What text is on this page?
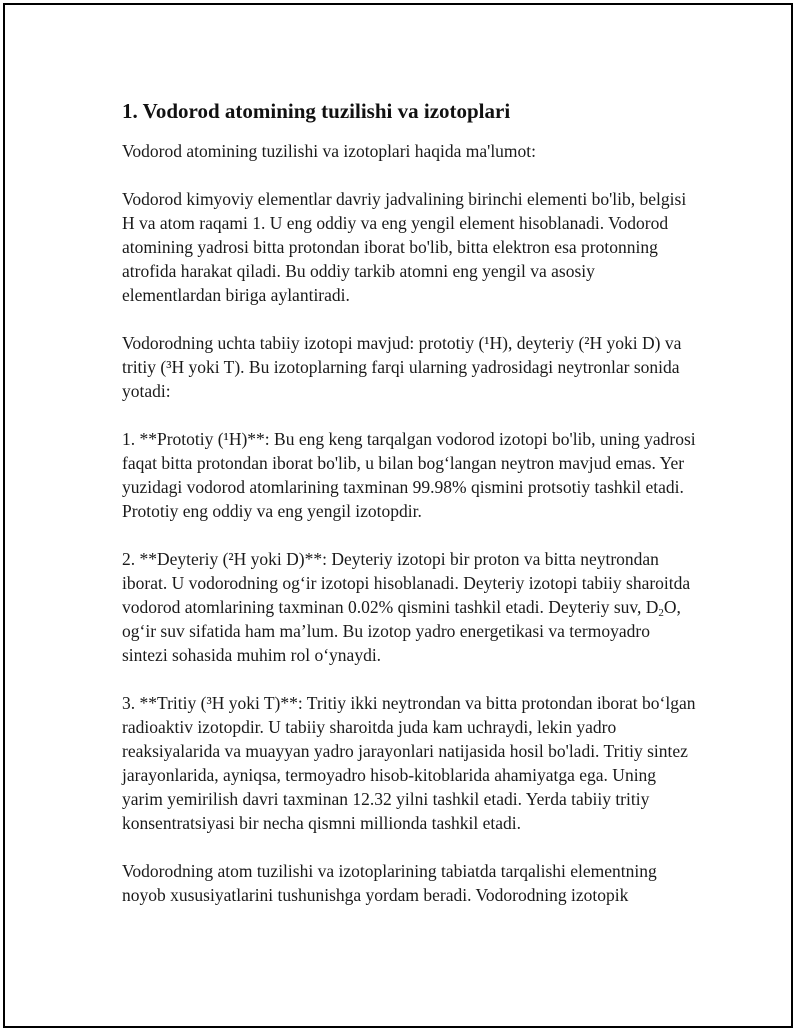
1. Vodorod atomining tuzilishi va izotoplari

Vodorod atomining tuzilishi va izotoplari haqida ma'lumot:

Vodorod kimyoviy elementlar davriy jadvalining birinchi elementi bo'lib, belgisi H va atom raqami 1. U eng oddiy va eng yengil element hisoblanadi. Vodorod atomining yadrosi bitta protondan iborat bo'lib, bitta elektron esa protonning atrofida harakat qiladi. Bu oddiy tarkib atomni eng yengil va asosiy elementlardan biriga aylantiradi.

Vodorodning uchta tabiiy izotopi mavjud: prototiy (¹H), deyteriy (²H yoki D) va tritiy (³H yoki T). Bu izotoplarning farqi ularning yadrosidagi neytronlar sonida yotadi:

1. **Prototiy (¹H)**: Bu eng keng tarqalgan vodorod izotopi bo'lib, uning yadrosi faqat bitta protondan iborat bo'lib, u bilan bog‘langan neytron mavjud emas. Yer yuzidagi vodorod atomlarining taxminan 99.98% qismini protsotiy tashkil etadi. Prototiy eng oddiy va eng yengil izotopdir.

2. **Deyteriy (²H yoki D)**: Deyteriy izotopi bir proton va bitta neytrondan iborat. U vodorodning og‘ir izotopi hisoblanadi. Deyteriy izotopi tabiiy sharoitda vodorod atomlarining taxminan 0.02% qismini tashkil etadi. Deyteriy suv, $D_2O$, og‘ir suv sifatida ham ma’lum. Bu izotop yadro energetikasi va termoyadro sintezi sohasida muhim rol o‘ynaydi.

3. **Tritiy (³H yoki T)**: Tritiy ikki neytrondan va bitta protondan iborat bo‘lgan radioaktiv izotopdir. U tabiiy sharoitda juda kam uchraydi, lekin yadro reaksiyalarida va muayyan yadro jarayonlari natijasida hosil bo'ladi. Tritiy sintez jarayonlarida, ayniqsa, termoyadro hisob-kitoblarida ahamiyatga ega. Uning yarim yemirilish davri taxminan 12.32 yilni tashkil etadi. Yerda tabiiy tritiy konsentratsiyasi bir necha qismni millionda tashkil etadi.

Vodorodning atom tuzilishi va izotoplarining tabiatda tarqalishi elementning noyob xususiyatlarini tushunishga yordam beradi. Vodorodning izotopik
